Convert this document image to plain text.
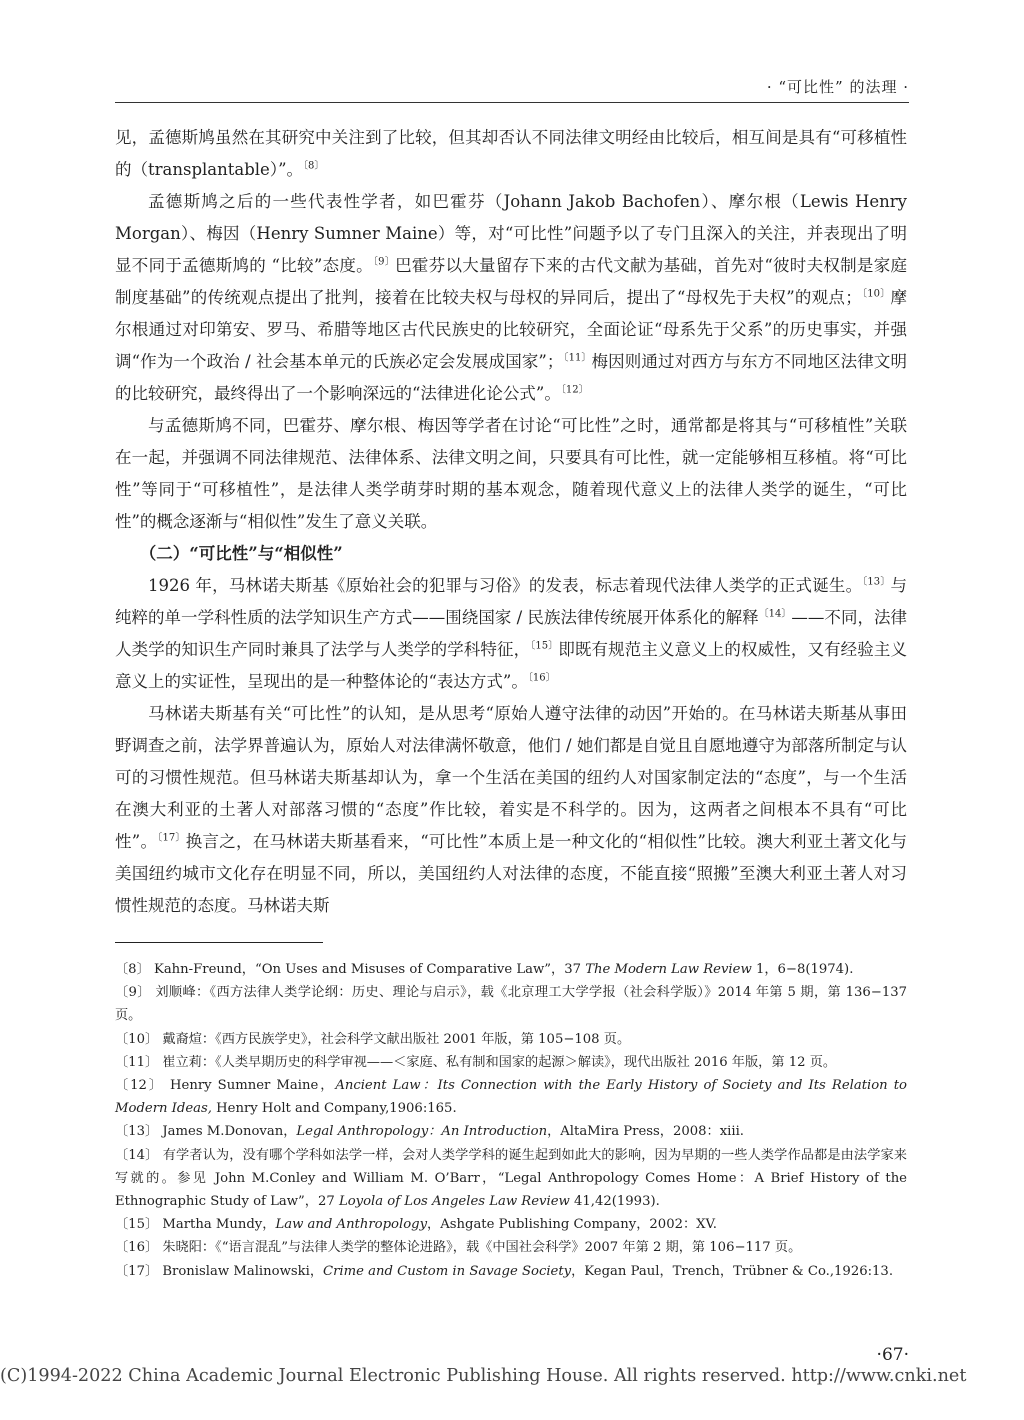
· “可比性” 的法理 ·

见，孟德斯鸠虽然在其研究中关注到了比较，但其却否认不同法律文明经由比较后，相互间是具有“可移植性的（transplantable）”。$^{〔8〕}$

孟德斯鸠之后的一些代表性学者，如巴霍芬（Johann Jakob Bachofen）、摩尔根（Lewis Henry Morgan）、梅因（Henry Sumner Maine）等，对“可比性”问题予以了专门且深入的关注，并表现出了明显不同于孟德斯鸠的 “比较”态度。$^{〔9〕}$巴霍芬以大量留存下来的古代文献为基础，首先对“彼时夫权制是家庭制度基础”的传统观点提出了批判，接着在比较夫权与母权的异同后，提出了“母权先于夫权”的观点；$^{〔10〕}$摩尔根通过对印第安、罗马、希腊等地区古代民族史的比较研究，全面论证“母系先于父系”的历史事实，并强调“作为一个政治 / 社会基本单元的氏族必定会发展成国家”；$^{〔11〕}$梅因则通过对西方与东方不同地区法律文明的比较研究，最终得出了一个影响深远的“法律进化论公式”。$^{〔12〕}$

与孟德斯鸠不同，巴霍芬、摩尔根、梅因等学者在讨论“可比性”之时，通常都是将其与“可移植性”关联在一起，并强调不同法律规范、法律体系、法律文明之间，只要具有可比性，就一定能够相互移植。将“可比性”等同于“可移植性”，是法律人类学萌芽时期的基本观念，随着现代意义上的法律人类学的诞生，“可比性”的概念逐渐与“相似性”发生了意义关联。

（二）“可比性”与“相似性”

1926 年，马林诺夫斯基《原始社会的犯罪与习俗》的发表，标志着现代法律人类学的正式诞生。$^{〔13〕}$与纯粹的单一学科性质的法学知识生产方式——围绕国家 / 民族法律传统展开体系化的解释$^{〔14〕}$——不同，法律人类学的知识生产同时兼具了法学与人类学的学科特征，$^{〔15〕}$即既有规范主义意义上的权威性，又有经验主义意义上的实证性，呈现出的是一种整体论的“表达方式”。$^{〔16〕}$

马林诺夫斯基有关“可比性”的认知，是从思考“原始人遵守法律的动因”开始的。在马林诺夫斯基从事田野调查之前，法学界普遍认为，原始人对法律满怀敬意，他们 / 她们都是自觉且自愿地遵守为部落所制定与认可的习惯性规范。但马林诺夫斯基却认为，拿一个生活在美国的纽约人对国家制定法的“态度”，与一个生活在澳大利亚的土著人对部落习惯的“态度”作比较，着实是不科学的。因为，这两者之间根本不具有“可比性”。$^{〔17〕}$换言之，在马林诺夫斯基看来，“可比性”本质上是一种文化的“相似性”比较。澳大利亚土著文化与美国纽约城市文化存在明显不同，所以，美国纽约人对法律的态度，不能直接“照搬”至澳大利亚土著人对习惯性规范的态度。马林诺夫斯

〔8〕 Kahn-Freund，“On Uses and Misuses of Comparative Law”，37 The Modern Law Review 1，6−8(1974).

〔9〕 刘顺峰：《西方法律人类学论纲：历史、理论与启示》，载《北京理工大学学报（社会科学版）》2014 年第 5 期，第 136−137 页。

〔10〕 戴裔煊：《西方民族学史》，社会科学文献出版社 2001 年版，第 105−108 页。

〔11〕 崔立莉：《人类早期历史的科学审视——＜家庭、私有制和国家的起源＞解读》，现代出版社 2016 年版，第 12 页。

〔12〕 Henry Sumner Maine，Ancient Law：Its Connection with the Early History of Society and Its Relation to Modern Ideas, Henry Holt and Company,1906:165.

〔13〕 James M.Donovan，Legal Anthropology：An Introduction，AltaMira Press，2008：xiii.

〔14〕 有学者认为，没有哪个学科如法学一样，会对人类学学科的诞生起到如此大的影响，因为早期的一些人类学作品都是由法学家来写就的。参见 John M.Conley and William M. O’Barr，“Legal Anthropology Comes Home：A Brief History of the Ethnographic Study of Law”，27 Loyola of Los Angeles Law Review 41,42(1993).

〔15〕 Martha Mundy，Law and Anthropology，Ashgate Publishing Company，2002：XV.

〔16〕 朱晓阳：《“语言混乱”与法律人类学的整体论进路》，载《中国社会科学》2007 年第 2 期，第 106−117 页。

〔17〕 Bronislaw Malinowski，Crime and Custom in Savage Society，Kegan Paul，Trench，Trübner & Co.,1926:13.

·67·
(C)1994-2022 China Academic Journal Electronic Publishing House. All rights reserved. http://www.cnki.net
